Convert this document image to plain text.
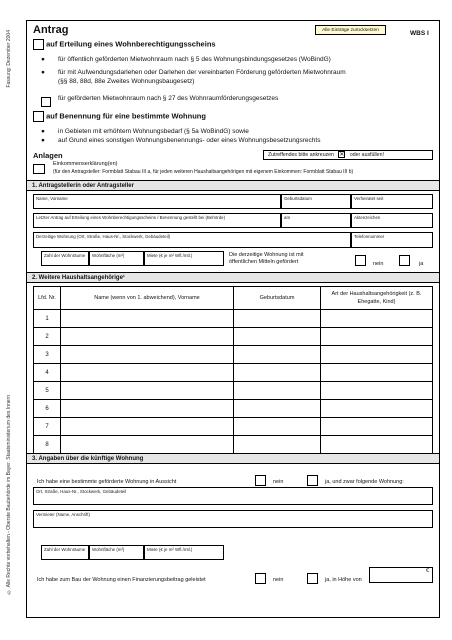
Fassung: Dezember 2004
© Alle Rechte vorbehalten - Oberste Baubehörde im Bayer. Staatsministerium des Innern
Antrag	Alle Einträge zurücksetzen	WBS I
auf Erteilung eines Wohnberechtigungsscheins
● für öffentlich geförderten Mietwohnraum nach § 5 des Wohnungsbindungsgesetzes (WoBindG)
● für mit Aufwendungsdarlehen oder Darlehen der vereinbarten Förderung geförderten Mietwohnraum
(§§ 88, 88d, 88e Zweites Wohnungsbaugesetz)
für geförderten Mietwohnraum nach § 27 des Wohnraumförderungsgesetzes
auf Benennung für eine bestimmte Wohnung
● in Gebieten mit erhöhtem Wohnungsbedarf (§ 5a WoBindG) sowie
● auf Grund eines sonstigen Wohnungsbenennungs- oder eines Wohnungsbesetzungsrechts
Anlagen	Zutreffendes bitte ankreuzen ✕ oder ausfüllen!
Einkommenserklärung(en)
(für den Antragsteller: Formblatt Stabau III a, für jeden weiteren Haushaltsangehörigen mit eigenem Einkommen: Formblatt Stabau III b)
1. Antragstellerin oder Antragsteller
Name, Vorname	Geburtsdatum	Verheiratet seit
Letzter Antrag auf Erteilung eines Wohnberechtigungsscheins / Benennung gestellt bei (Behörde)	am	Aktenzeichen
Derzeitige Wohnung (Ort, Straße, Haus-Nr., Stockwerk, Gebäudeteil)	Telefonnummer
Zahl der Wohnräume Wohnfläche (m²)	Miete (€ je m² Wfl./mtl.)	Die derzeitige Wohnung ist mit öffentlichen Mitteln gefördert	nein	ja
2. Weitere Haushaltsangehörige¹
Lfd. Nr.	Name (wenn von 1. abweichend), Vorname	Geburtsdatum	Art der Haushaltsangehörigkeit (z. B. Ehegatte, Kind)
1			
2			
3			
4			
5			
6			
7			
8			
3. Angaben über die künftige Wohnung
Ich habe eine bestimmte geförderte Wohnung in Aussicht	nein	ja, und zwar folgende Wohnung:
Ort, Straße, Haus-Nr., Stockwerk, Gebäudeteil
Vermieter (Name, Anschrift)
Zahl der Wohnräume Wohnfläche (m²)	Miete (€ je m² Wfl./mtl.)
Ich habe zum Bau der Wohnung einen Finanzierungsbeitrag geleistet	nein	ja, in Höhe von
€
